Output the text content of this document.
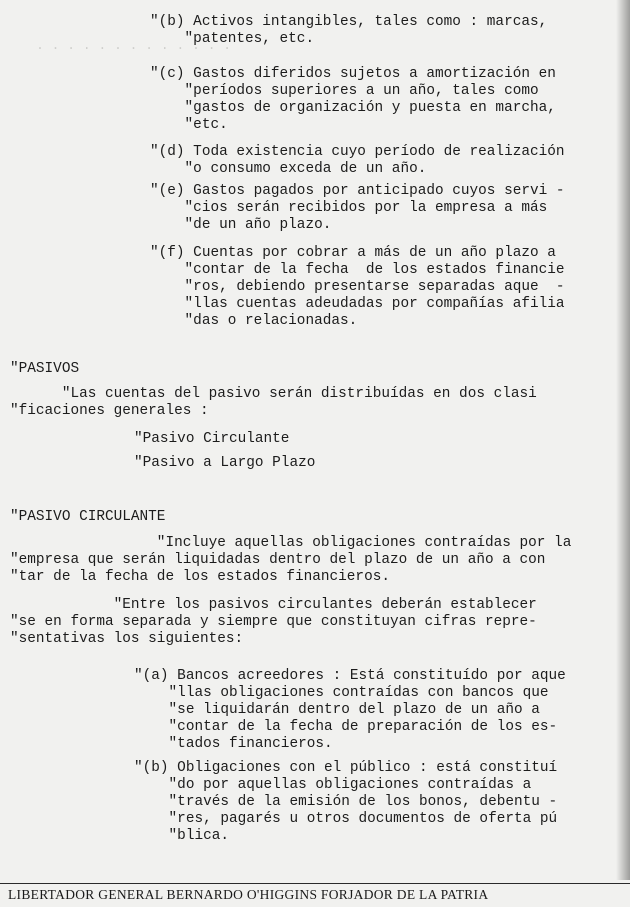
. . . . . . . . . . . . .
"(b) Activos intangibles, tales como : marcas,
"patentes, etc.
"(c) Gastos diferidos sujetos a amortización en
"períodos superiores a un año, tales como
"gastos de organización y puesta en marcha,
"etc.
"(d) Toda existencia cuyo período de realización
"o consumo exceda de un año.
"(e) Gastos pagados por anticipado cuyos servi -
"cios serán recibidos por la empresa a más
"de un año plazo.
"(f) Cuentas por cobrar a más de un año plazo a
"contar de la fecha  de los estados financie
"ros, debiendo presentarse separadas aque  -
"llas cuentas adeudadas por compañías afilia
"das o relacionadas.
"PASIVOS
"Las cuentas del pasivo serán distribuídas en dos clasi
"ficaciones generales :
"Pasivo Circulante
"Pasivo a Largo Plazo
"PASIVO CIRCULANTE
"Incluye aquellas obligaciones contraídas por la
"empresa que serán liquidadas dentro del plazo de un año a con
"tar de la fecha de los estados financieros.
"Entre los pasivos circulantes deberán establecer
"se en forma separada y siempre que constituyan cifras repre-
"sentativas los siguientes:
"(a) Bancos acreedores : Está constituído por aque
"llas obligaciones contraídas con bancos que
"se liquidarán dentro del plazo de un año a
"contar de la fecha de preparación de los es-
"tados financieros.
"(b) Obligaciones con el público : está constituí
"do por aquellas obligaciones contraídas a
"través de la emisión de los bonos, debentu -
"res, pagarés u otros documentos de oferta pú
"blica.
LIBERTADOR GENERAL BERNARDO O'HIGGINS FORJADOR DE LA PATRIA
